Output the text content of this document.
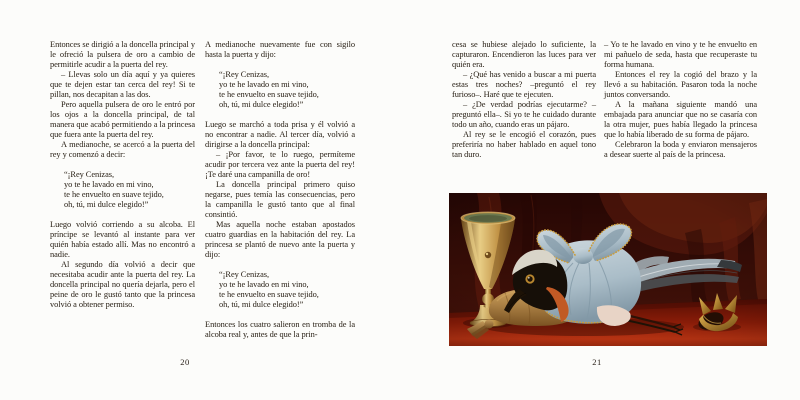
Entonces se dirigió a la doncella principal y le ofreció la pulsera de oro a cambio de permitirle acudir a la puerta del rey.

– Llevas solo un día aquí y ya quieres que te dejen estar tan cerca del rey! Si te pillan, nos decapitan a las dos.

Pero aquella pulsera de oro le entró por los ojos a la doncella principal, de tal manera que acabó permitiendo a la princesa que fuera ante la puerta del rey.

A medianoche, se acercó a la puerta del rey y comenzó a decir:

“¡Rey Cenizas,
yo te he lavado en mi vino,
te he envuelto en suave tejido,
oh, tú, mi dulce elegido!”

Luego volvió corriendo a su alcoba. El príncipe se levantó al instante para ver quién había estado allí. Mas no encontró a nadie.

Al segundo día volvió a decir que necesitaba acudir ante la puerta del rey. La doncella principal no quería dejarla, pero el peine de oro le gustó tanto que la princesa volvió a obtener permiso.

A medianoche nuevamente fue con sigilo hasta la puerta y dijo:

“¡Rey Cenizas,
yo te he lavado en mi vino,
te he envuelto en suave tejido,
oh, tú, mi dulce elegido!”

Luego se marchó a toda prisa y él volvió a no encontrar a nadie. Al tercer día, volvió a dirigirse a la doncella principal:

– ¡Por favor, te lo ruego, permíteme acudir por tercera vez ante la puerta del rey! ¡Te daré una campanilla de oro!

La doncella principal primero quiso negarse, pues temía las consecuencias, pero la campanilla le gustó tanto que al final consintió.

Mas aquella noche estaban apostados cuatro guardias en la habitación del rey. La princesa se plantó de nuevo ante la puerta y dijo:

“¡Rey Cenizas,
yo te he lavado en mi vino,
te he envuelto en suave tejido,
oh, tú, mi dulce elegido!”

Entonces los cuatro salieron en tromba de la alcoba real y, antes de que la prin-

20

cesa se hubiese alejado lo suficiente, la capturaron. Encendieron las luces para ver quién era.

– ¿Qué has venido a buscar a mi puerta estas tres noches? –preguntó el rey furioso–. Haré que te ejecuten.

– ¿De verdad podrías ejecutarme? –preguntó ella–. Si yo te he cuidado durante todo un año, cuando eras un pájaro.

Al rey se le encogió el corazón, pues preferiría no haber hablado en aquel tono tan duro.

– Yo te he lavado en vino y te he envuelto en mi pañuelo de seda, hasta que recuperaste tu forma humana.

Entonces el rey la cogió del brazo y la llevó a su habitación. Pasaron toda la noche juntos conversando.

A la mañana siguiente mandó una embajada para anunciar que no se casaría con la otra mujer, pues había llegado la princesa que lo había liberado de su forma de pájaro.

Celebraron la boda y enviaron mensajeros a desear suerte al país de la princesa.

21
